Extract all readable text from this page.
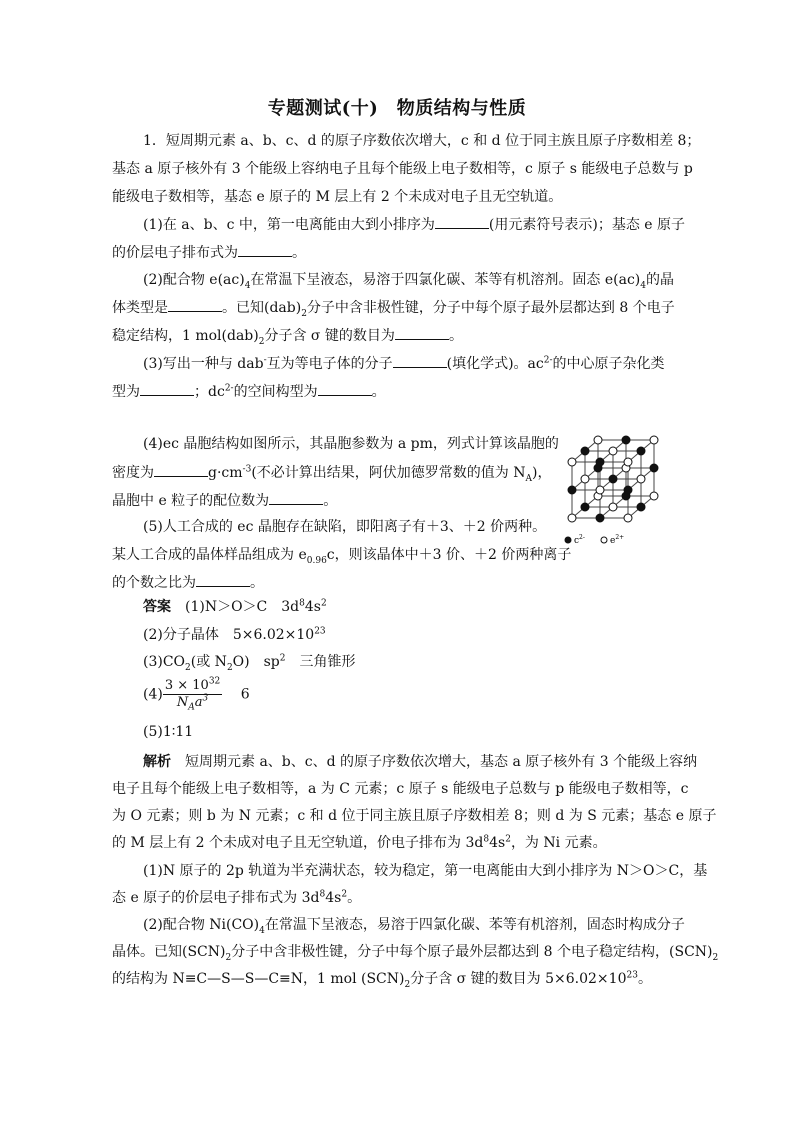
专题测试(十)　物质结构与性质
1．短周期元素 a、b、c、d 的原子序数依次增大，c 和 d 位于同主族且原子序数相差 8；
基态 a 原子核外有 3 个能级上容纳电子且每个能级上电子数相等，c 原子 s 能级电子总数与 p
能级电子数相等，基态 e 原子的 M 层上有 2 个未成对电子且无空轨道。
(1)在 a、b、c 中，第一电离能由大到小排序为	(用元素符号表示)；基态 e 原子
的价层电子排布式为	。
(2)配合物 $e(ac)_4$在常温下呈液态，易溶于四氯化碳、苯等有机溶剂。固态 $e(ac)_4$的晶
体类型是	。已知$(dab)_2$分子中含非极性键，分子中每个原子最外层都达到 8 个电子
稳定结构，1 $mol(dab)_2$分子含 σ 键的数目为	。
(3)写出一种与 dab-互为等电子体的分子	(填化学式)。$ac^{2-}$的中心原子杂化类
型为	；$dc^{2-}$的空间构型为	。
(4)ec 晶胞结构如图所示，其晶胞参数为 a pm，列式计算该晶胞的
密度为	$g\cdot cm^{-3}$(不必计算出结果，阿伏加德罗常数的值为 $N_A$)，
晶胞中 e 粒子的配位数为	。
(5)人工合成的 ec 晶胞存在缺陷，即阳离子有＋3、＋2 价两种。
某人工合成的晶体样品组成为 $e_{0.96}c$，则该晶体中＋3 价、＋2 价两种离子
的个数之比为	。
$c^{2-}$	$e^{2+}$
答案　 (1)N＞O＞C　$3d^84s^2$
(2)分子晶体　$5\times 6.02\times 10^{23}$
$(3)CO_2$(或 $N_2O$)　$sp^2$　三角锥形
$(4) \frac{3 \times 10^{32}}{N_Aa^3}$
　 6
(5)1∶11
解析　 短周期元素 a、b、c、d 的原子序数依次增大，基态 a 原子核外有 3 个能级上容纳
电子且每个能级上电子数相等，a 为 C 元素；c 原子 s 能级电子总数与 p 能级电子数相等，c
为 O 元素；则 b 为 N 元素；c 和 d 位于同主族且原子序数相差 8；则 d 为 S 元素；基态 e 原子
的 M 层上有 2 个未成对电子且无空轨道，价电子排布为 $3d^84s^2$，为 Ni 元素。
(1)N 原子的 2p 轨道为半充满状态，较为稳定，第一电离能由大到小排序为 N＞O＞C，基
态 e 原子的价层电子排布式为 $3d^84s^2$。
(2)配合物 $Ni(CO)_4$在常温下呈液态，易溶于四氯化碳、苯等有机溶剂，固态时构成分子
晶体。已知$(SCN)_2$分子中含非极性键，分子中每个原子最外层都达到 8 个电子稳定结构，$(SCN)_2$
的结构为 N≡C—S—S—C≡N，1 mol $(SCN)_2$分子含 σ 键的数目为 $5\times 6.02\times 10^{23}$。
